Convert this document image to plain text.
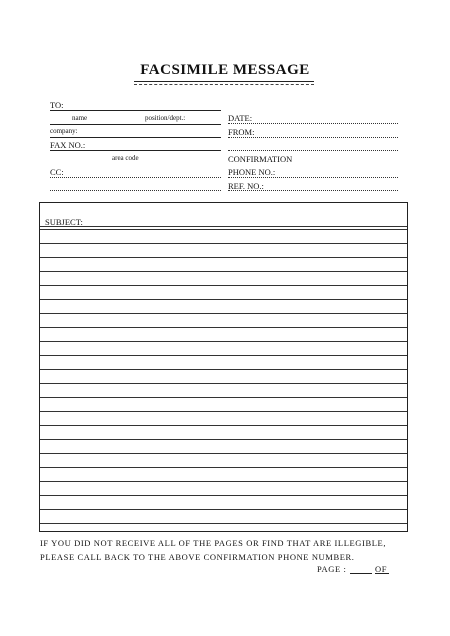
FACSIMILE MESSAGE
TO:
name	position/dept.:
company:
FAX NO.:
area code
CC:
DATE:
FROM:
CONFIRMATION
PHONE NO.:
REF. NO.:
SUBJECT:
IF YOU DID NOT RECEIVE ALL OF THE PAGES OR FIND THAT ARE ILLEGIBLE,
PLEASE CALL BACK TO THE ABOVE CONFIRMATION PHONE NUMBER.
PAGE :	OF
